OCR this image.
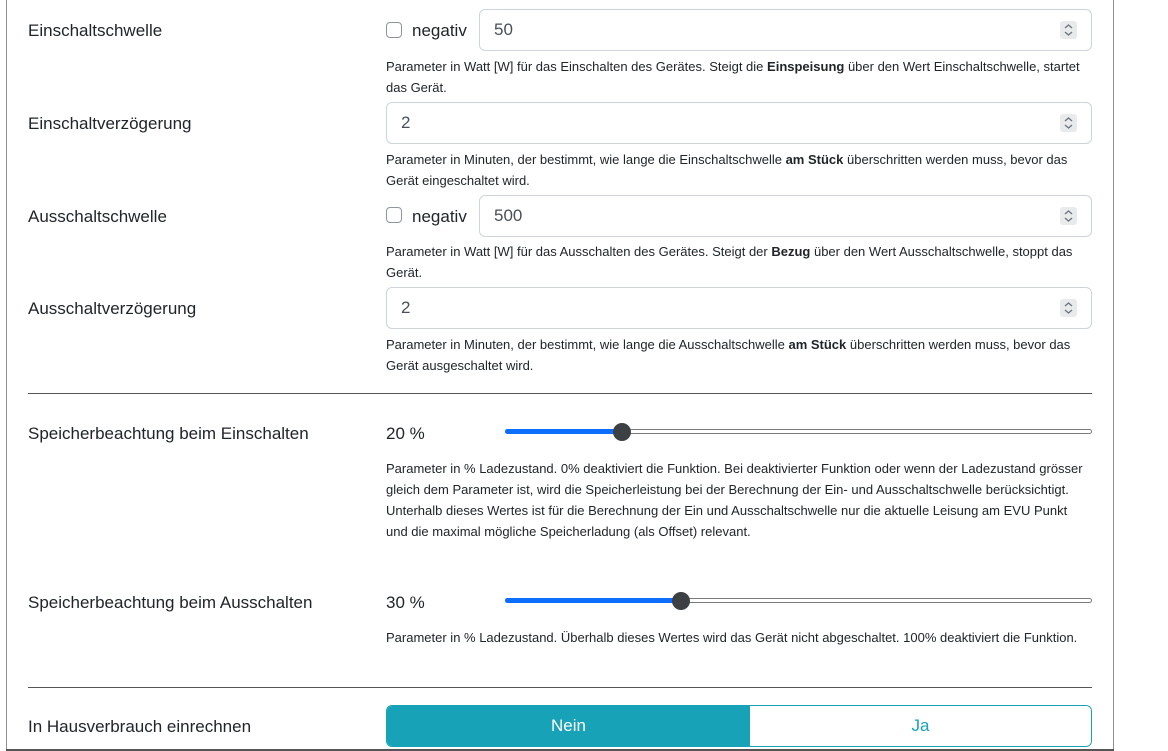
Einschaltschwelle	negativ	50
Parameter in Watt [W] für das Einschalten des Gerätes. Steigt die Einspeisung über den Wert Einschaltschwelle, startet das Gerät.
Einschaltverzögerung	2
Parameter in Minuten, der bestimmt, wie lange die Einschaltschwelle am Stück überschritten werden muss, bevor das Gerät eingeschaltet wird.
Ausschaltschwelle	negativ	500
Parameter in Watt [W] für das Ausschalten des Gerätes. Steigt der Bezug über den Wert Ausschaltschwelle, stoppt das Gerät.
Ausschaltverzögerung	2
Parameter in Minuten, der bestimmt, wie lange die Ausschaltschwelle am Stück überschritten werden muss, bevor das Gerät ausgeschaltet wird.
Speicherbeachtung beim Einschalten	20 %
Parameter in % Ladezustand. 0% deaktiviert die Funktion. Bei deaktivierter Funktion oder wenn der Ladezustand grösser gleich dem Parameter ist, wird die Speicherleistung bei der Berechnung der Ein- und Ausschaltschwelle berücksichtigt.
Unterhalb dieses Wertes ist für die Berechnung der Ein und Ausschaltschwelle nur die aktuelle Leisung am EVU Punkt und die maximal mögliche Speicherladung (als Offset) relevant.
Speicherbeachtung beim Ausschalten	30 %
Parameter in % Ladezustand. Überhalb dieses Wertes wird das Gerät nicht abgeschaltet. 100% deaktiviert die Funktion.
In Hausverbrauch einrechnen	Nein	Ja
